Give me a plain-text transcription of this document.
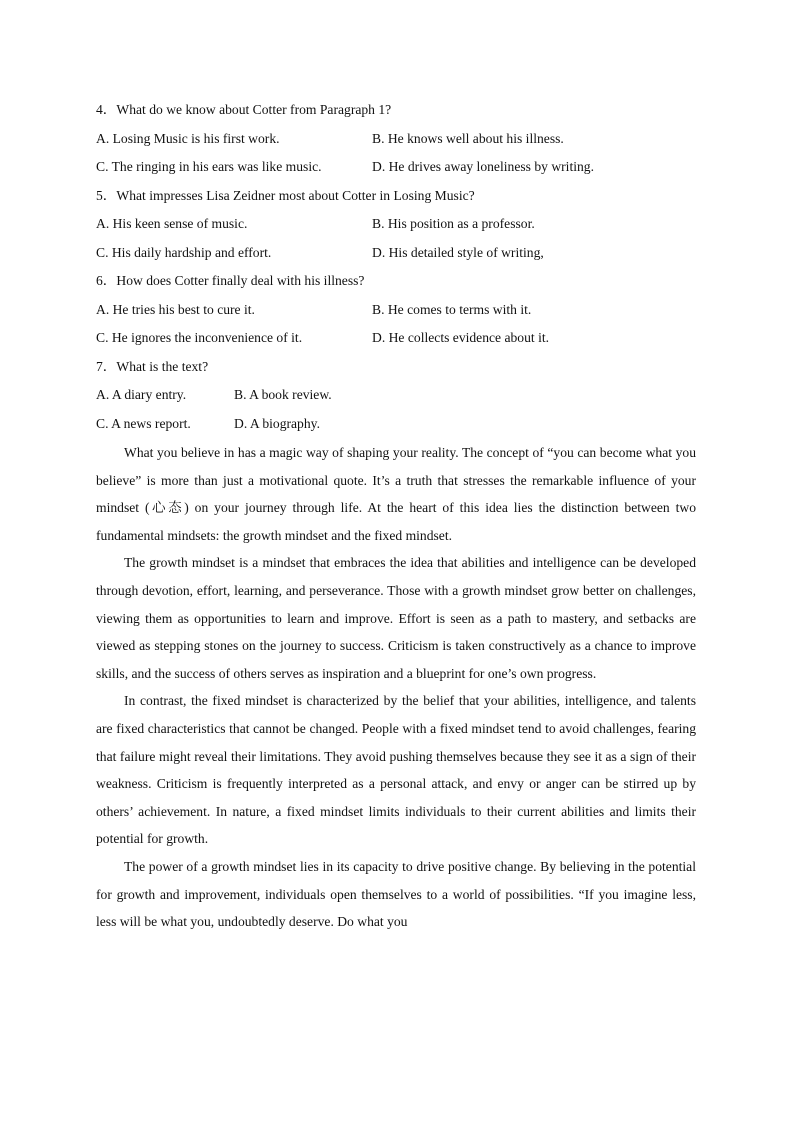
4．What do we know about Cotter from Paragraph 1?
A. Losing Music is his first work.	B. He knows well about his illness.
C. The ringing in his ears was like music.	D. He drives away loneliness by writing.
5．What impresses Lisa Zeidner most about Cotter in Losing Music?
A. His keen sense of music.	B. His position as a professor.
C. His daily hardship and effort.	D. His detailed style of writing,
6．How does Cotter finally deal with his illness?
A. He tries his best to cure it.	B. He comes to terms with it.
C. He ignores the inconvenience of it.	D. He collects evidence about it.
7．What is the text?
A. A diary entry.	B. A book review.
C. A news report.	D. A biography.

What you believe in has a magic way of shaping your reality. The concept of “you can become what you believe” is more than just a motivational quote. It’s a truth that stresses the remarkable influence of your mindset (心态) on your journey through life. At the heart of this idea lies the distinction between two fundamental mindsets: the growth mindset and the fixed mindset.

The growth mindset is a mindset that embraces the idea that abilities and intelligence can be developed through devotion, effort, learning, and perseverance. Those with a growth mindset grow better on challenges, viewing them as opportunities to learn and improve. Effort is seen as a path to mastery, and setbacks are viewed as stepping stones on the journey to success. Criticism is taken constructively as a chance to improve skills, and the success of others serves as inspiration and a blueprint for one’s own progress.

In contrast, the fixed mindset is characterized by the belief that your abilities, intelligence, and talents are fixed characteristics that cannot be changed. People with a fixed mindset tend to avoid challenges, fearing that failure might reveal their limitations. They avoid pushing themselves because they see it as a sign of their weakness. Criticism is frequently interpreted as a personal attack, and envy or anger can be stirred up by others’ achievement. In nature, a fixed mindset limits individuals to their current abilities and limits their potential for growth.

The power of a growth mindset lies in its capacity to drive positive change. By believing in the potential for growth and improvement, individuals open themselves to a world of possibilities. “If you imagine less, less will be what you, undoubtedly deserve. Do what you
